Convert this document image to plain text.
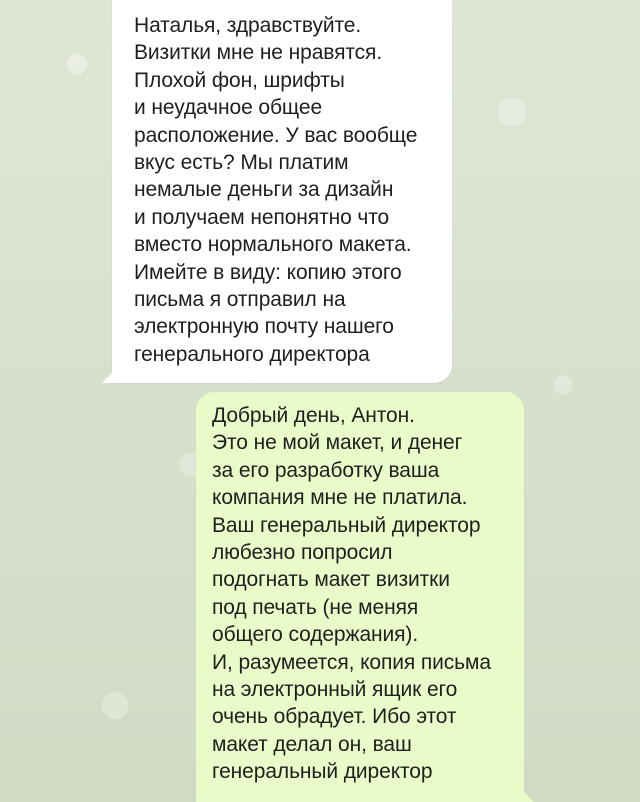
Наталья, здравствуйте.
Визитки мне не нравятся.
Плохой фон, шрифты
и неудачное общее
расположение. У вас вообще
вкус есть? Мы платим
немалые деньги за дизайн
и получаем непонятно что
вместо нормального макета.
Имейте в виду: копию этого
письма я отправил на
электронную почту нашего
генерального директора
Добрый день, Антон.
Это не мой макет, и денег
за его разработку ваша
компания мне не платила.
Ваш генеральный директор
любезно попросил
подогнать макет визитки
под печать (не меняя
общего содержания).
И, разумеется, копия письма
на электронный ящик его
очень обрадует. Ибо этот
макет делал он, ваш
генеральный директор
